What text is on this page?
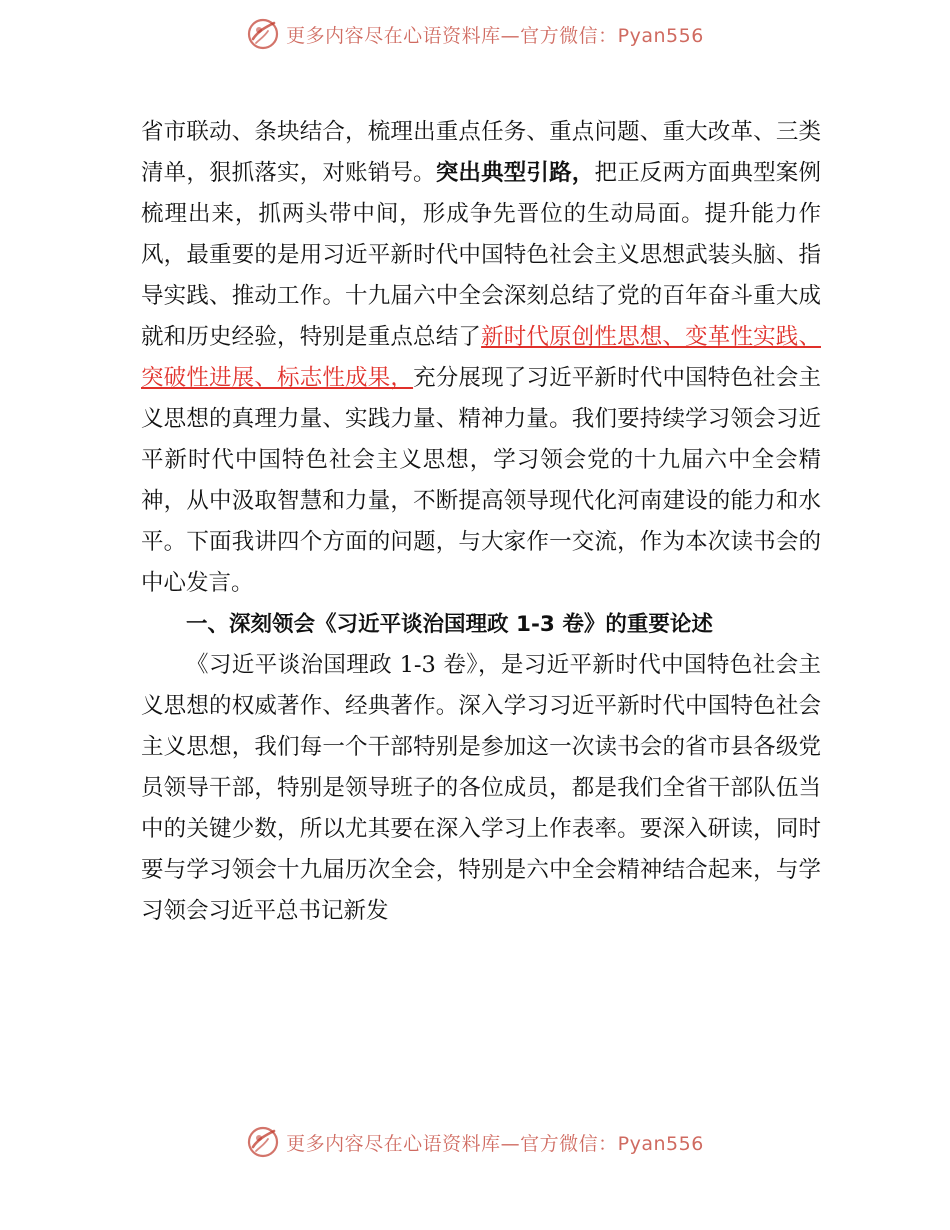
更多内容尽在心语资料库—官方微信：Pyan556

省市联动、条块结合，梳理出重点任务、重点问题、重大改革、三类清单，狠抓落实，对账销号。突出典型引路，把正反两方面典型案例梳理出来，抓两头带中间，形成争先晋位的生动局面。提升能力作风，最重要的是用习近平新时代中国特色社会主义思想武装头脑、指导实践、推动工作。十九届六中全会深刻总结了党的百年奋斗重大成就和历史经验，特别是重点总结了新时代原创性思想、变革性实践、突破性进展、标志性成果，充分展现了习近平新时代中国特色社会主义思想的真理力量、实践力量、精神力量。我们要持续学习领会习近平新时代中国特色社会主义思想，学习领会党的十九届六中全会精神，从中汲取智慧和力量，不断提高领导现代化河南建设的能力和水平。下面我讲四个方面的问题，与大家作一交流，作为本次读书会的中心发言。

一、深刻领会《习近平谈治国理政 1-3 卷》的重要论述

《习近平谈治国理政 1-3 卷》，是习近平新时代中国特色社会主义思想的权威著作、经典著作。深入学习习近平新时代中国特色社会主义思想，我们每一个干部特别是参加这一次读书会的省市县各级党员领导干部，特别是领导班子的各位成员，都是我们全省干部队伍当中的关键少数，所以尤其要在深入学习上作表率。要深入研读，同时要与学习领会十九届历次全会，特别是六中全会精神结合起来，与学习领会习近平总书记新发

更多内容尽在心语资料库—官方微信：Pyan556
